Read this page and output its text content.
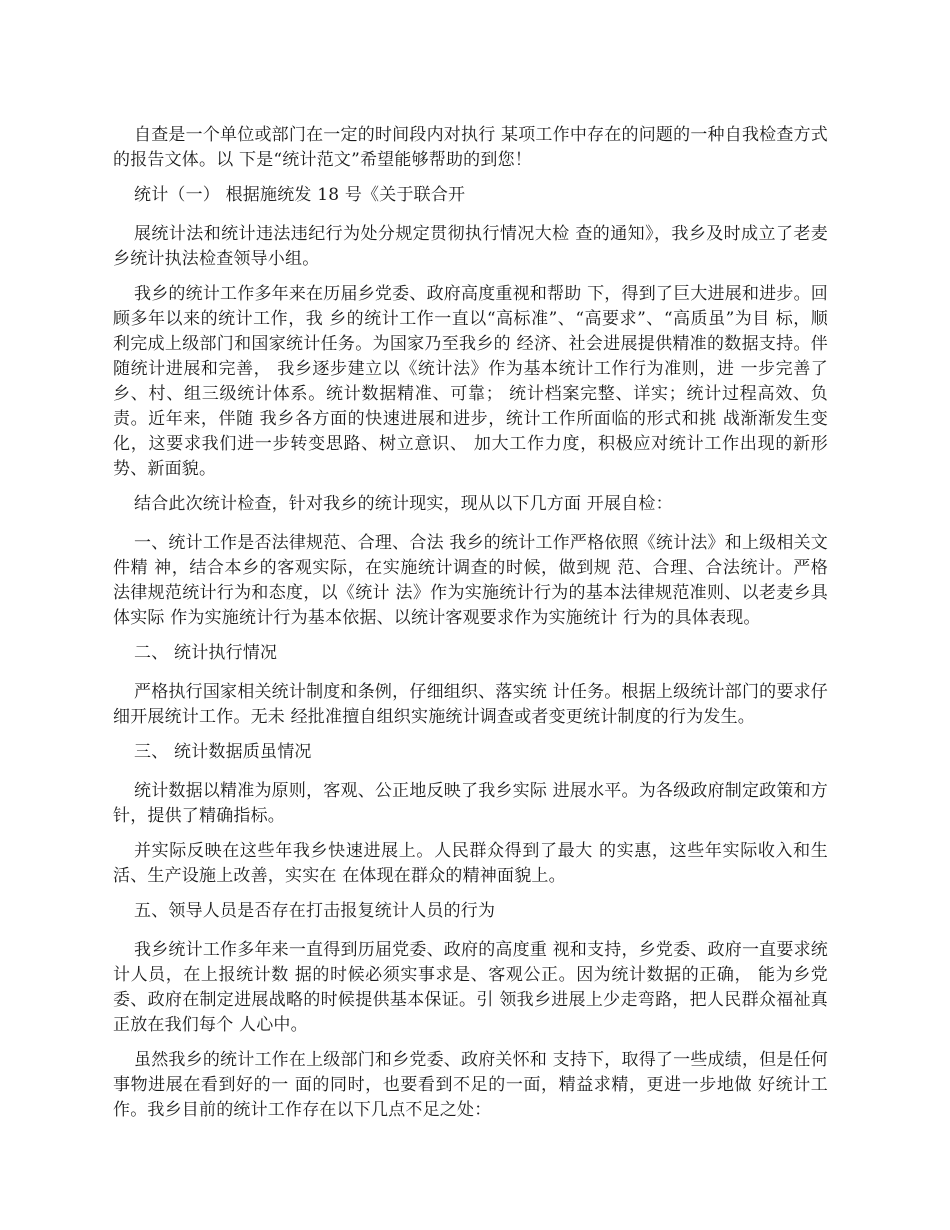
自查是一个单位或部门在一定的时间段内对执行 某项工作中存在的问题的一种自我检查方式的报告文体。以 下是“统计范文”希望能够帮助的到您！

统计（一） 根据施统发 18 号《关于联合开

展统计法和统计违法违纪行为处分规定贯彻执行情况大检 查的通知》，我乡及时成立了老麦乡统计执法检查领导小组。

我乡的统计工作多年来在历届乡党委、政府高度重视和帮助 下，得到了巨大进展和进步。回顾多年以来的统计工作，我 乡的统计工作一直以“高标准”、“高要求”、“高质虽”为目 标，顺利完成上级部门和国家统计任务。为国家乃至我乡的 经济、社会进展提供精准的数据支持。伴随统计进展和完善， 我乡逐步建立以《统计法》作为基本统计工作行为准则，进 一步完善了乡、村、组三级统计体系。统计数据精准、可靠； 统计档案完整、详实；统计过程高效、负责。近年来，伴随 我乡各方面的快速进展和进步，统计工作所面临的形式和挑 战渐渐发生变化，这要求我们进一步转变思路、树立意识、 加大工作力度，积极应对统计工作出现的新形势、新面貌。

结合此次统计检查，针对我乡的统计现实，现从以下几方面 开展自检：

一、统计工作是否法律规范、合理、合法 我乡的统计工作严格依照《统计法》和上级相关文件精 神，结合本乡的客观实际，在实施统计调查的时候，做到规 范、合理、合法统计。严格法律规范统计行为和态度，以《统计 法》作为实施统计行为的基本法律规范准则、以老麦乡具体实际 作为实施统计行为基本依据、以统计客观要求作为实施统计 行为的具体表现。

二、 统计执行情况

严格执行国家相关统计制度和条例，仔细组织、落实统 计任务。根据上级统计部门的要求仔细开展统计工作。无未 经批准擅自组织实施统计调查或者变更统计制度的行为发生。

三、 统计数据质虽情况

统计数据以精准为原则，客观、公正地反映了我乡实际 进展水平。为各级政府制定政策和方针，提供了精确指标。

并实际反映在这些年我乡快速进展上。人民群众得到了最大 的实惠，这些年实际收入和生活、生产设施上改善，实实在 在体现在群众的精神面貌上。

五、领导人员是否存在打击报复统计人员的行为

我乡统计工作多年来一直得到历届党委、政府的高度重 视和支持，乡党委、政府一直要求统计人员，在上报统计数 据的时候必须实事求是、客观公正。因为统计数据的正确， 能为乡党委、政府在制定进展战略的时候提供基本保证。引 领我乡进展上少走弯路，把人民群众福祉真正放在我们每个 人心中。

虽然我乡的统计工作在上级部门和乡党委、政府关怀和 支持下，取得了一些成绩，但是任何事物进展在看到好的一 面的同时，也要看到不足的一面，精益求精，更进一步地做 好统计工作。我乡目前的统计工作存在以下几点不足之处：
